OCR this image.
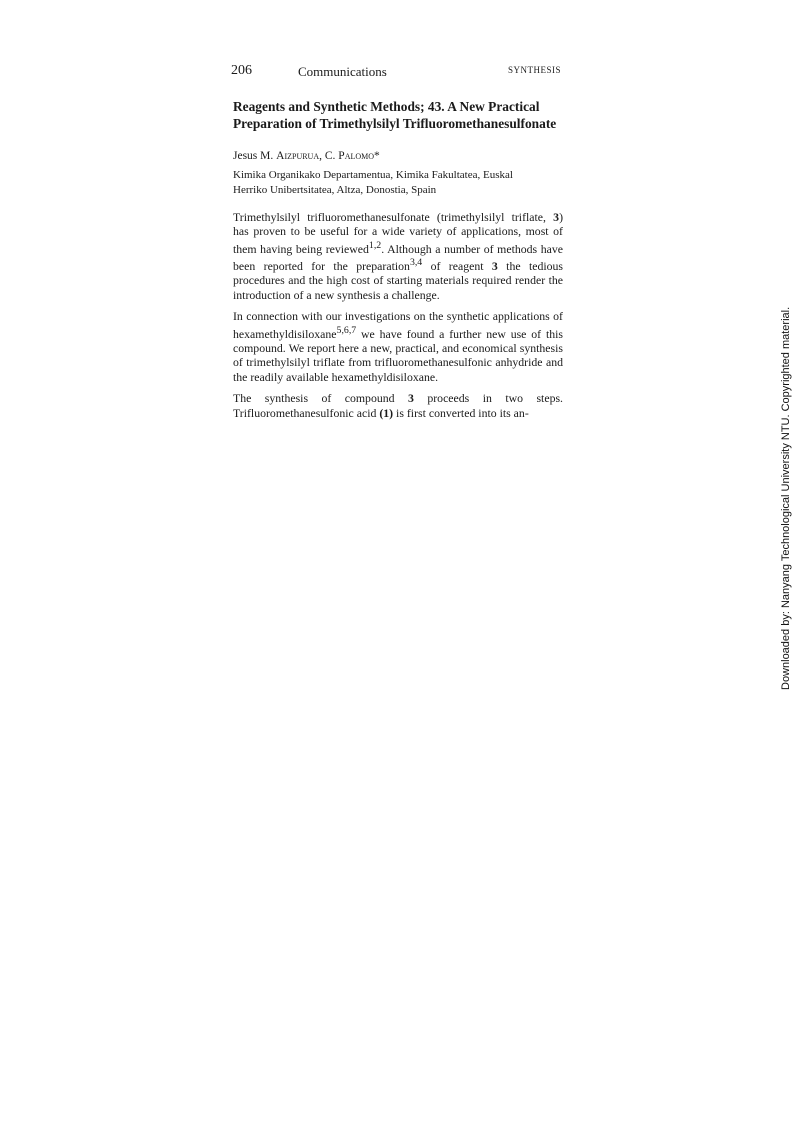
206	Communications	SYNTHESIS
Reagents and Synthetic Methods; 43. A New Practical
Preparation of Trimethylsilyl Trifluoromethanesulfonate
Jesus M. Aizpurua, C. Palomo*
Kimika Organikako Departamentua, Kimika Fakultatea, Euskal
Herriko Unibertsitatea, Altza, Donostia, Spain

Trimethylsilyl trifluoromethanesulfonate (trimethylsilyl triflate, 3) has proven to be useful for a wide variety of applications, most of them having being reviewed$^{1,2}$. Although a number of methods have been reported for the preparation$^{3,4}$ of reagent 3 the tedious procedures and the high cost of starting materials required render the introduction of a new synthesis a challenge.

In connection with our investigations on the synthetic applications of hexamethyldisiloxane$^{5,6,7}$ we have found a further new use of this compound. We report here a new, practical, and economical synthesis of trimethylsilyl triflate from trifluoromethanesulfonic anhydride and the readily available hexamethyldisiloxane.

The synthesis of compound 3 proceeds in two steps. Trifluoromethanesulfonic acid (1) is first converted into its an-	Downloaded by: Nanyang Technological University NTU. Copyrighted material.
